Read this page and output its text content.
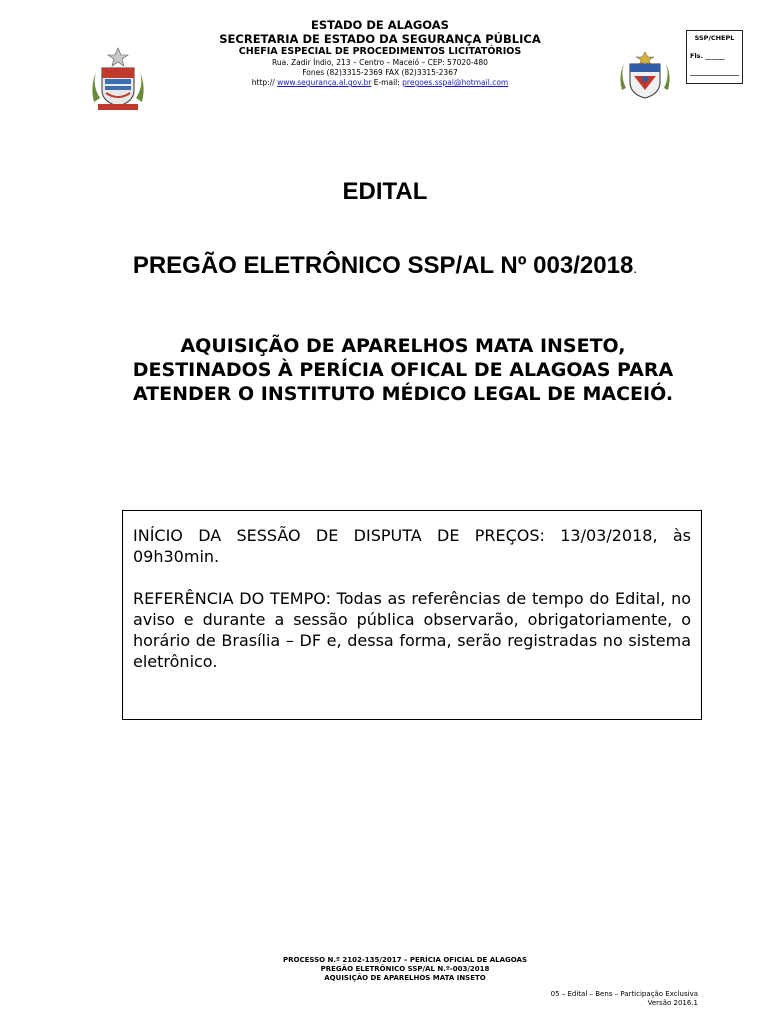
ESTADO DE ALAGOAS
SECRETARIA DE ESTADO DA SEGURANÇA PÚBLICA
CHEFIA ESPECIAL DE PROCEDIMENTOS LICITATÓRIOS
Rua. Zadir Índio, 213 – Centro – Maceió – CEP: 57020-480
Fones (82)3315-2369 FAX (82)3315-2367
http:// www.segurança.al.gov.br E-mail: pregoes.sspal@hotmail.com
SSP/CHEPL
Fls. ______
EDITAL
PREGÃO ELETRÔNICO SSP/AL Nº 003/2018.
AQUISIÇÃO DE APARELHOS MATA INSETO, DESTINADOS À PERÍCIA OFICAL DE ALAGOAS PARA ATENDER O INSTITUTO MÉDICO LEGAL DE MACEIÓ.

INÍCIO DA SESSÃO DE DISPUTA DE PREÇOS: 13/03/2018, às 09h30min.

REFERÊNCIA DO TEMPO: Todas as referências de tempo do Edital, no aviso e durante a sessão pública observarão, obrigatoriamente, o horário de Brasília – DF e, dessa forma, serão registradas no sistema eletrônico.

PROCESSO N.º 2102-135/2017 – PERÍCIA OFICIAL DE ALAGOAS
PREGÃO ELETRÔNICO SSP/AL N.º-003/2018
AQUISIÇÃO DE APARELHOS MATA INSETO
05 – Edital – Bens – Participação Exclusiva
Versão 2016.1
